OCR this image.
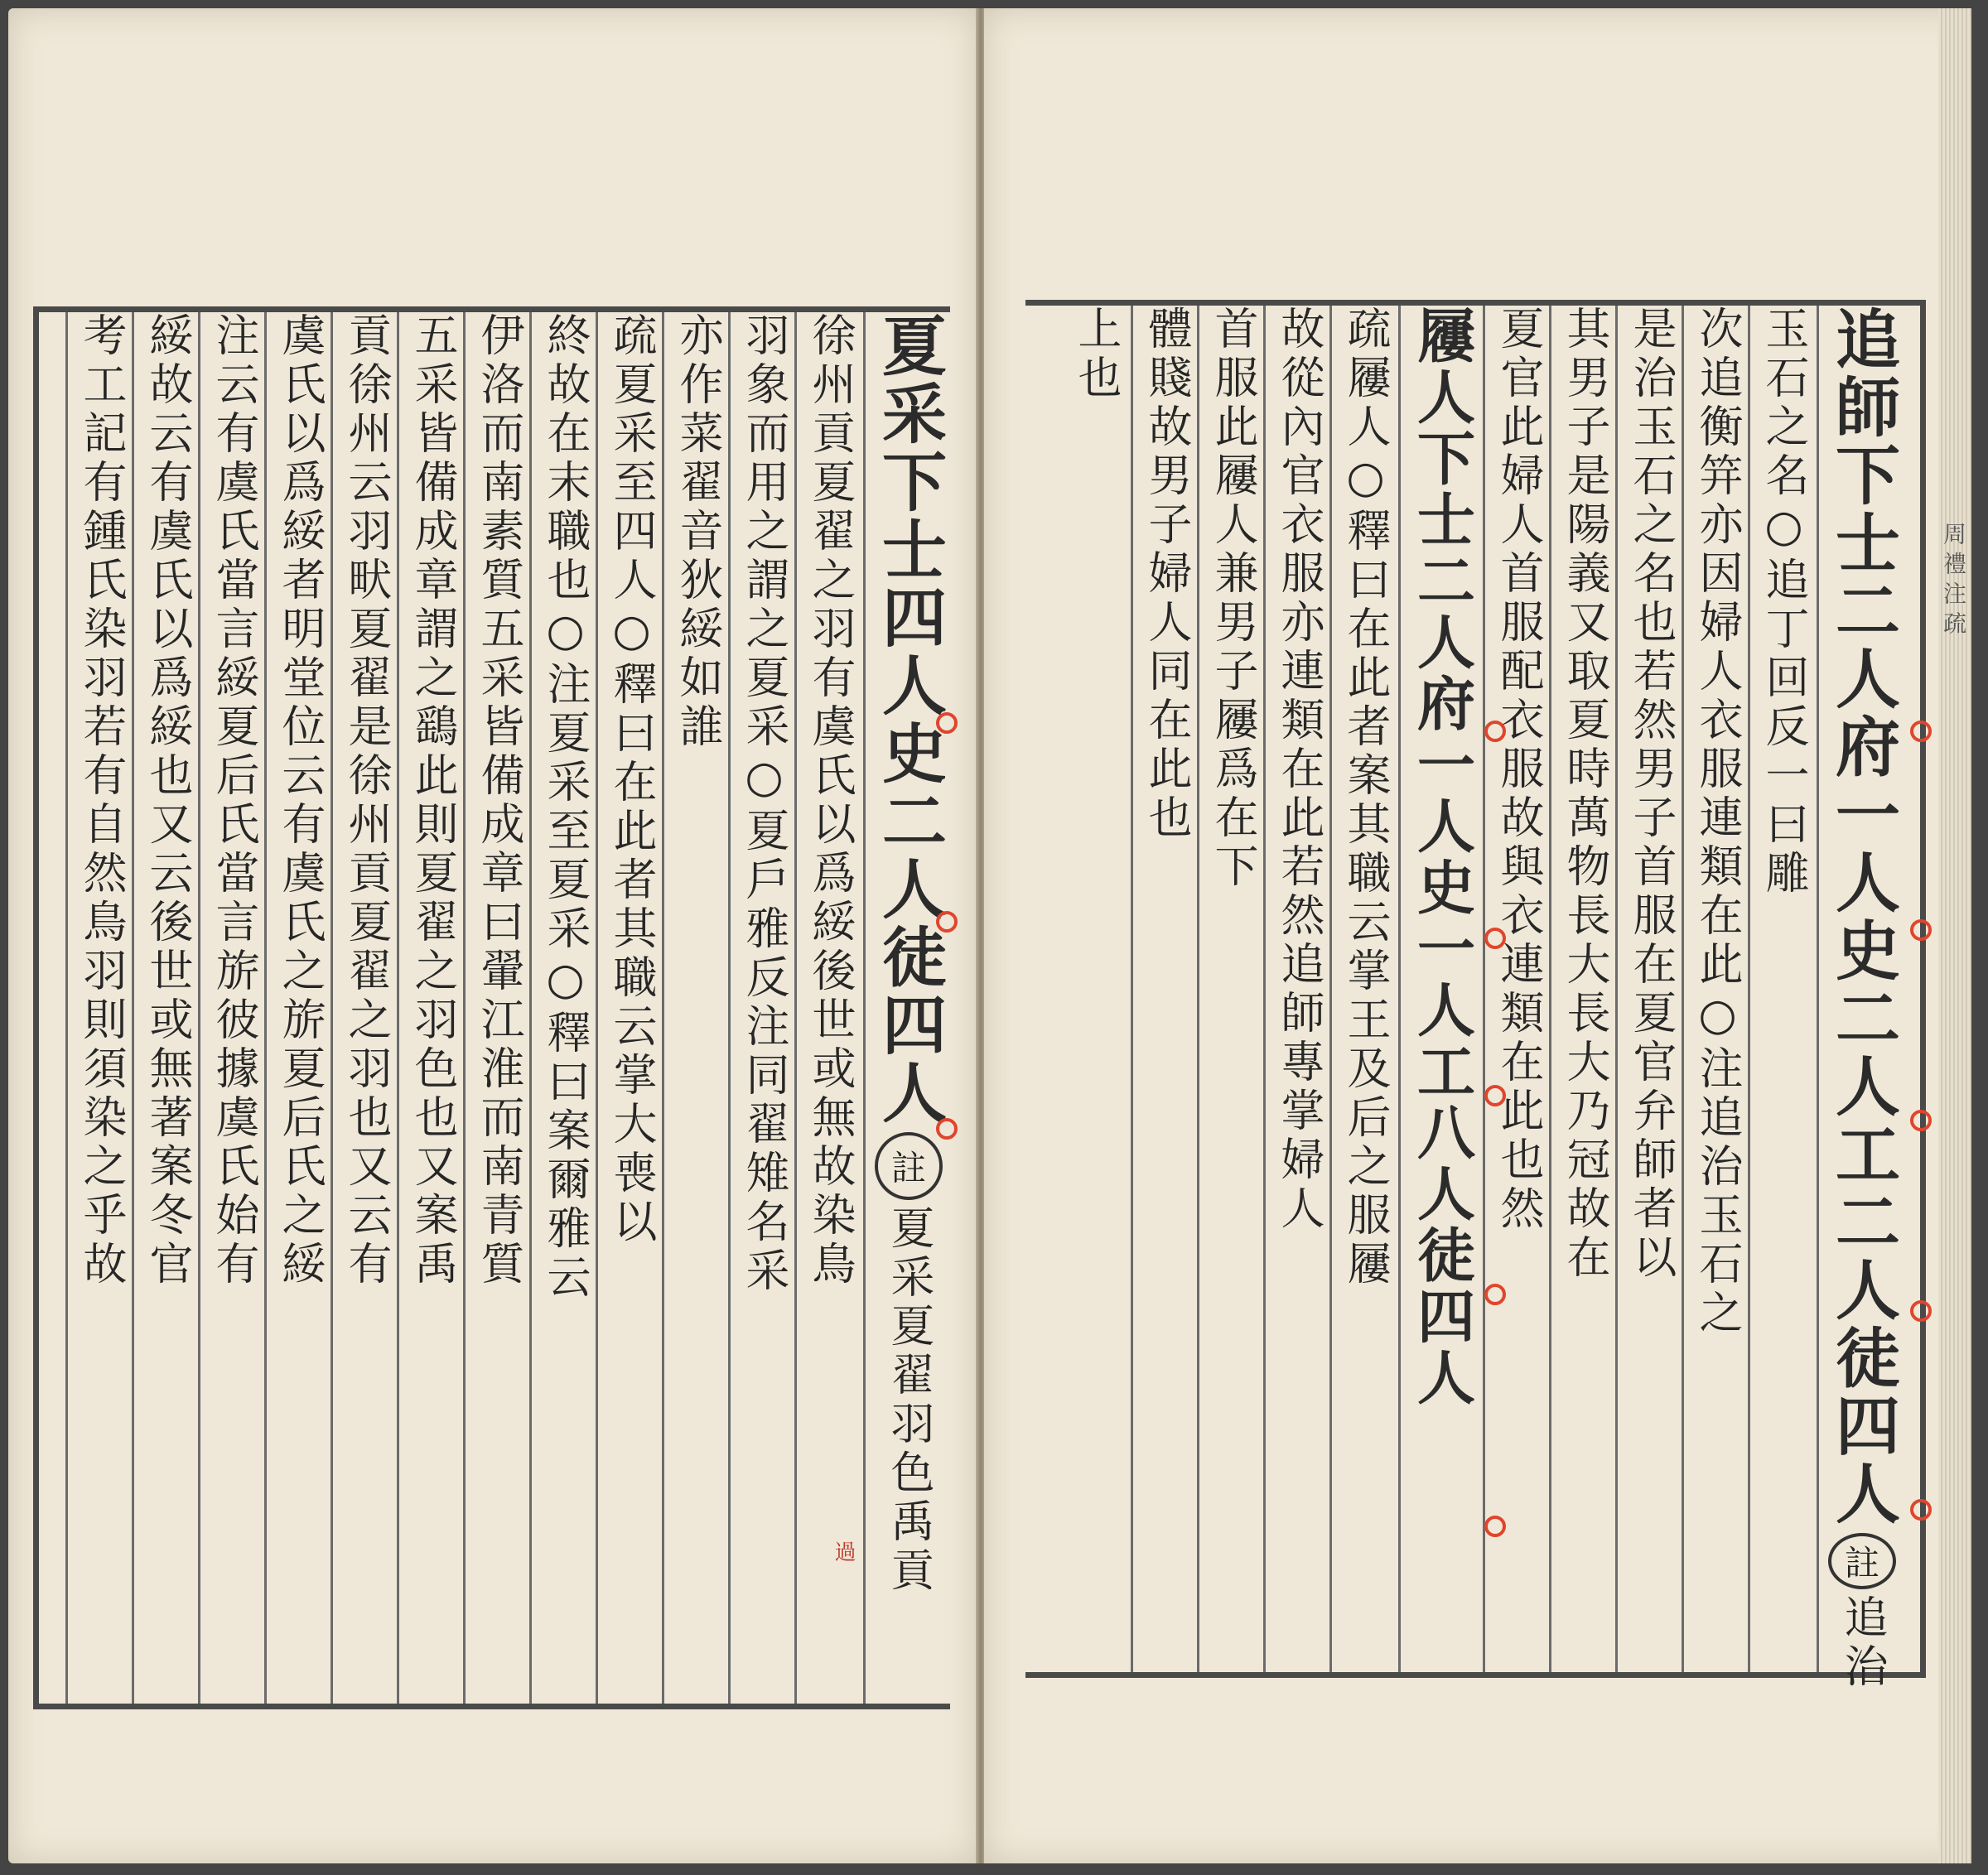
夏采下士四人史二人徒四人
註
夏采夏翟羽色禹貢
徐州貢夏翟之羽有虞氏以爲綏後世或無故染鳥
羽象而用之謂之夏采○夏戶雅反注同翟雉名采
亦作菜翟音狄綏如誰
疏夏采至四人○釋曰在此者其職云掌大喪以
終故在末職也○注夏采至夏采○釋曰案爾雅云
伊洛而南素質五采皆備成章曰翬江淮而南青質
五采皆備成章謂之鷂此則夏翟之羽色也又案禹
貢徐州云羽畎夏翟是徐州貢夏翟之羽也又云有
虞氏以爲綏者明堂位云有虞氏之旂夏后氏之綏
注云有虞氏當言綏夏后氏當言旂彼據虞氏始有
綏故云有虞氏以爲綏也又云後世或無著案冬官
考工記有鍾氏染羽若有自然鳥羽則須染之乎故
過
追師下士二人府一人史二人工二人徒四人
註
追治
玉石之名○追丁回反一曰雕
次追衡笄亦因婦人衣服連類在此○注追治玉石之
是治玉石之名也若然男子首服在夏官弁師者以
其男子是陽義又取夏時萬物長大長大乃冠故在
夏官此婦人首服配衣服故與衣連類在此也然
屨人下士二人府一人史一人工八人徒四人
疏屨人○釋曰在此者案其職云掌王及后之服屨
故從內官衣服亦連類在此若然追師專掌婦人
首服此屨人兼男子屨爲在下
體賤故男子婦人同在此也
上也
周禮注疏
